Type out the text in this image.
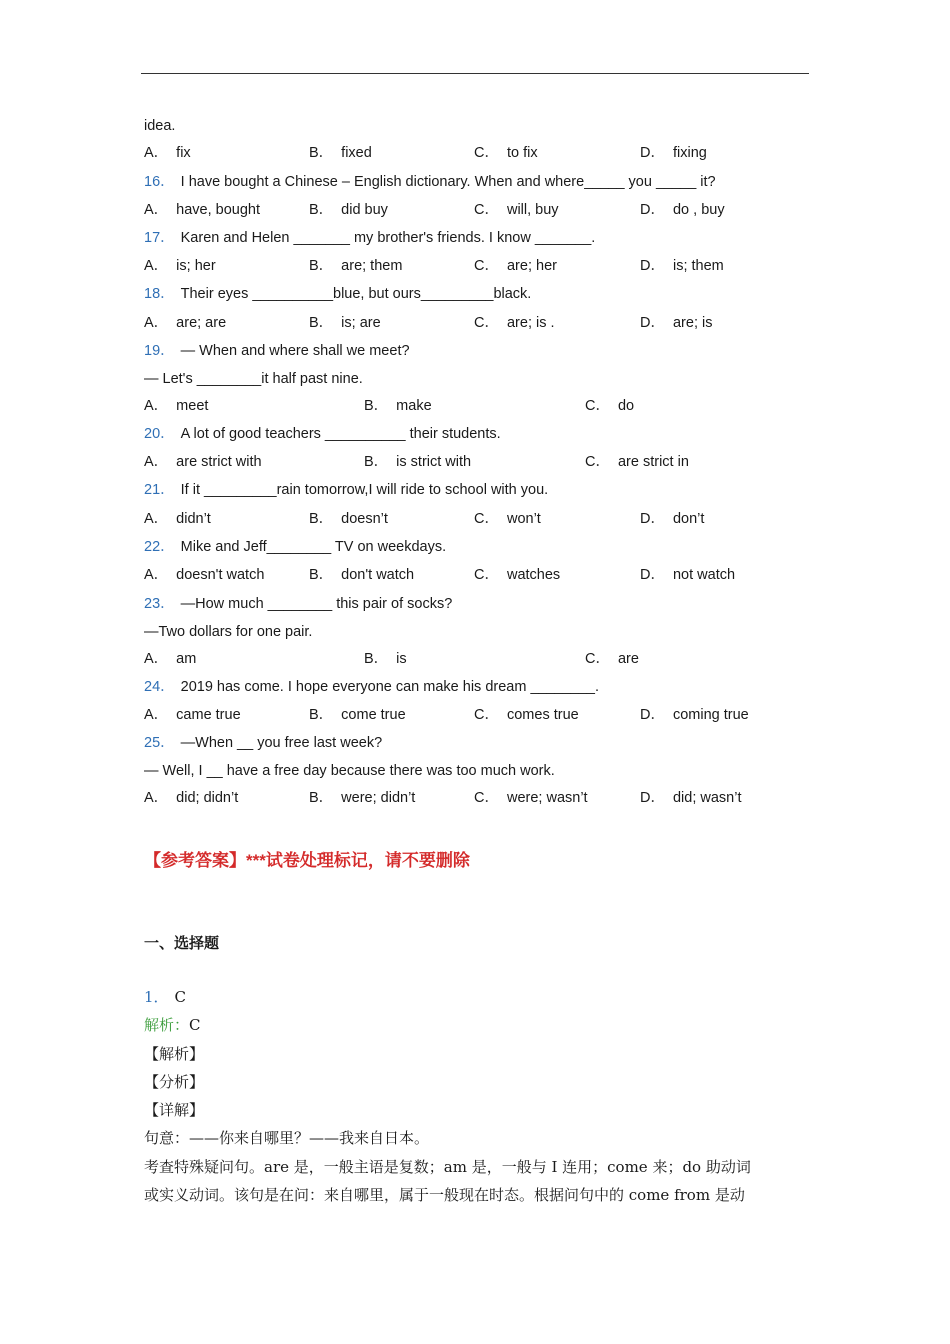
idea.
16． I have bought a Chinese – English dictionary. When and where_____ you _____ it?
17． Karen and Helen _______ my brother's friends. I know _______.
18． Their eyes __________blue, but ours_________black.
19． — When and where shall we meet?
— Let's ________it half past nine.
20． A lot of good teachers __________ their students.
21． If it _________rain tomorrow,I will ride to school with you.
22． Mike and Jeff________ TV on weekdays.
23． —How much ________ this pair of socks?
—Two dollars for one pair.
24． 2019 has come. I hope everyone can make his dream ________.
25． —When __ you free last week?
— Well, I __ have a free day because there was too much work.
A． fix	B． fixed	C． to fix	D． fixing
A． have, bought	B． did buy	C． will, buy	D． do , buy
A． is; her	B． are; them	C． are; her	D． is; them
A． are; are	B． is; are	C． are; is .	D． are; is
A． meet	B． make	C． do
A． are strict with	B． is strict with	C． are strict in
A． didn’t	B． doesn’t	C． won’t	D． don’t
A． doesn't watch	B． don't watch	C． watches	D． not watch
A． am	B． is	C． are
A． came true	B． come true	C． comes true	D． coming true
A． did; didn’t	B． were; didn’t	C． were; wasn’t	D． did; wasn’t
【参考答案】***试卷处理标记，请不要删除
一、选择题
1． C
解析：C
【解析】
【分析】
【详解】
句意：——你来自哪里？——我来自日本。
考查特殊疑问句。are 是，一般主语是复数；am 是，一般与 I 连用；come 来；do 助动词
或实义动词。该句是在问：来自哪里，属于一般现在时态。根据问句中的 come from 是动
